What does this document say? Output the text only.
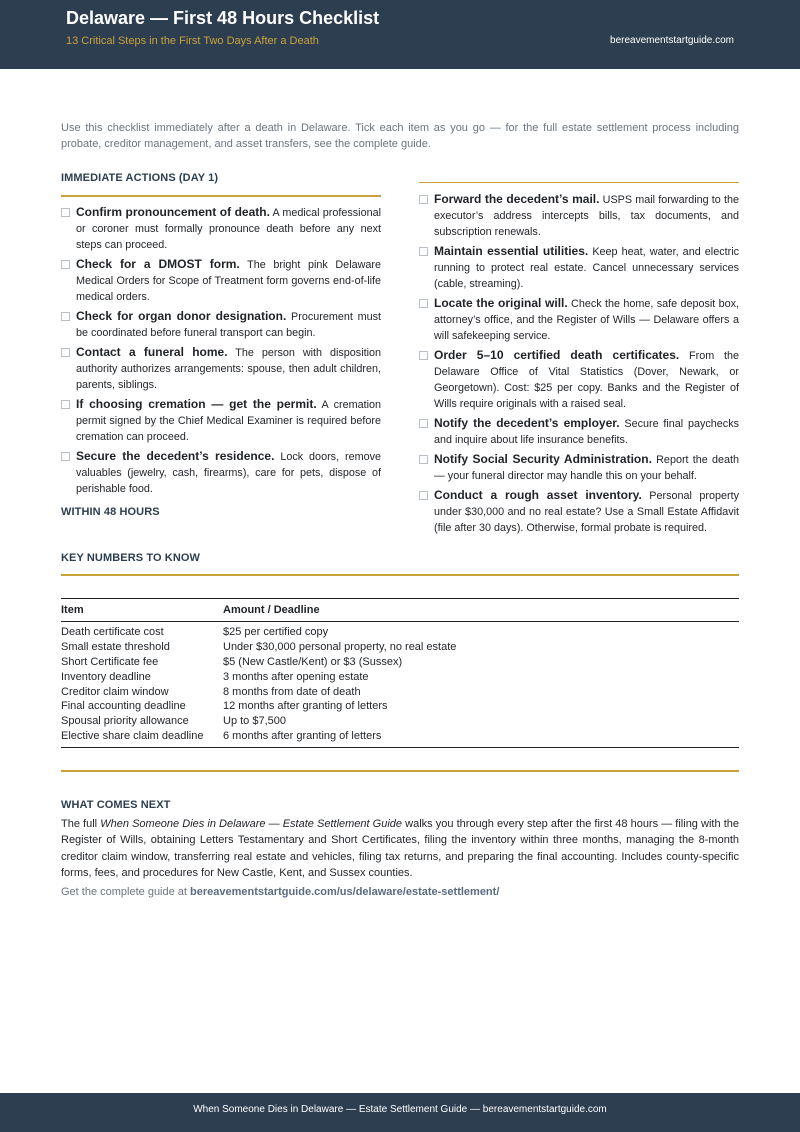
Delaware — First 48 Hours Checklist
13 Critical Steps in the First Two Days After a Death	bereavementstartguide.com
Use this checklist immediately after a death in Delaware. Tick each item as you go — for the full estate settlement process including probate, creditor management, and asset transfers, see the complete guide.
IMMEDIATE ACTIONS (DAY 1)
Confirm pronouncement of death. A medical professional or coroner must formally pronounce death before any next steps can proceed.
Check for a DMOST form. The bright pink Delaware Medical Orders for Scope of Treatment form governs end-of-life medical orders.
Check for organ donor designation. Procurement must be coordinated before funeral transport can begin.
Contact a funeral home. The person with disposition authority authorizes arrangements: spouse, then adult children, parents, siblings.
If choosing cremation — get the permit. A cremation permit signed by the Chief Medical Examiner is required before cremation can proceed.
Secure the decedent’s residence. Lock doors, remove valuables (jewelry, cash, firearms), care for pets, dispose of perishable food.
WITHIN 48 HOURS
Forward the decedent’s mail. USPS mail forwarding to the executor’s address intercepts bills, tax documents, and subscription renewals.
Maintain essential utilities. Keep heat, water, and electric running to protect real estate. Cancel unnecessary services (cable, streaming).
Locate the original will. Check the home, safe deposit box, attorney’s office, and the Register of Wills — Delaware offers a will safekeeping service.
Order 5–10 certified death certificates. From the Delaware Office of Vital Statistics (Dover, Newark, or Georgetown). Cost: $25 per copy. Banks and the Register of Wills require originals with a raised seal.
Notify the decedent’s employer. Secure final paychecks and inquire about life insurance benefits.
Notify Social Security Administration. Report the death — your funeral director may handle this on your behalf.
Conduct a rough asset inventory. Personal property under $30,000 and no real estate? Use a Small Estate Affidavit (file after 30 days). Otherwise, formal probate is required.
KEY NUMBERS TO KNOW
Item	Amount / Deadline
Death certificate cost	$25 per certified copy
Small estate threshold	Under $30,000 personal property, no real estate
Short Certificate fee	$5 (New Castle/Kent) or $3 (Sussex)
Inventory deadline	3 months after opening estate
Creditor claim window	8 months from date of death
Final accounting deadline	12 months after granting of letters
Spousal priority allowance	Up to $7,500
Elective share claim deadline	6 months after granting of letters
WHAT COMES NEXT
The full When Someone Dies in Delaware — Estate Settlement Guide walks you through every step after the first 48 hours — filing with the Register of Wills, obtaining Letters Testamentary and Short Certificates, filing the inventory within three months, managing the 8-month creditor claim window, transferring real estate and vehicles, filing tax returns, and preparing the final accounting. Includes county-specific forms, fees, and procedures for New Castle, Kent, and Sussex counties.
Get the complete guide at bereavementstartguide.com/us/delaware/estate-settlement/
When Someone Dies in Delaware — Estate Settlement Guide — bereavementstartguide.com
